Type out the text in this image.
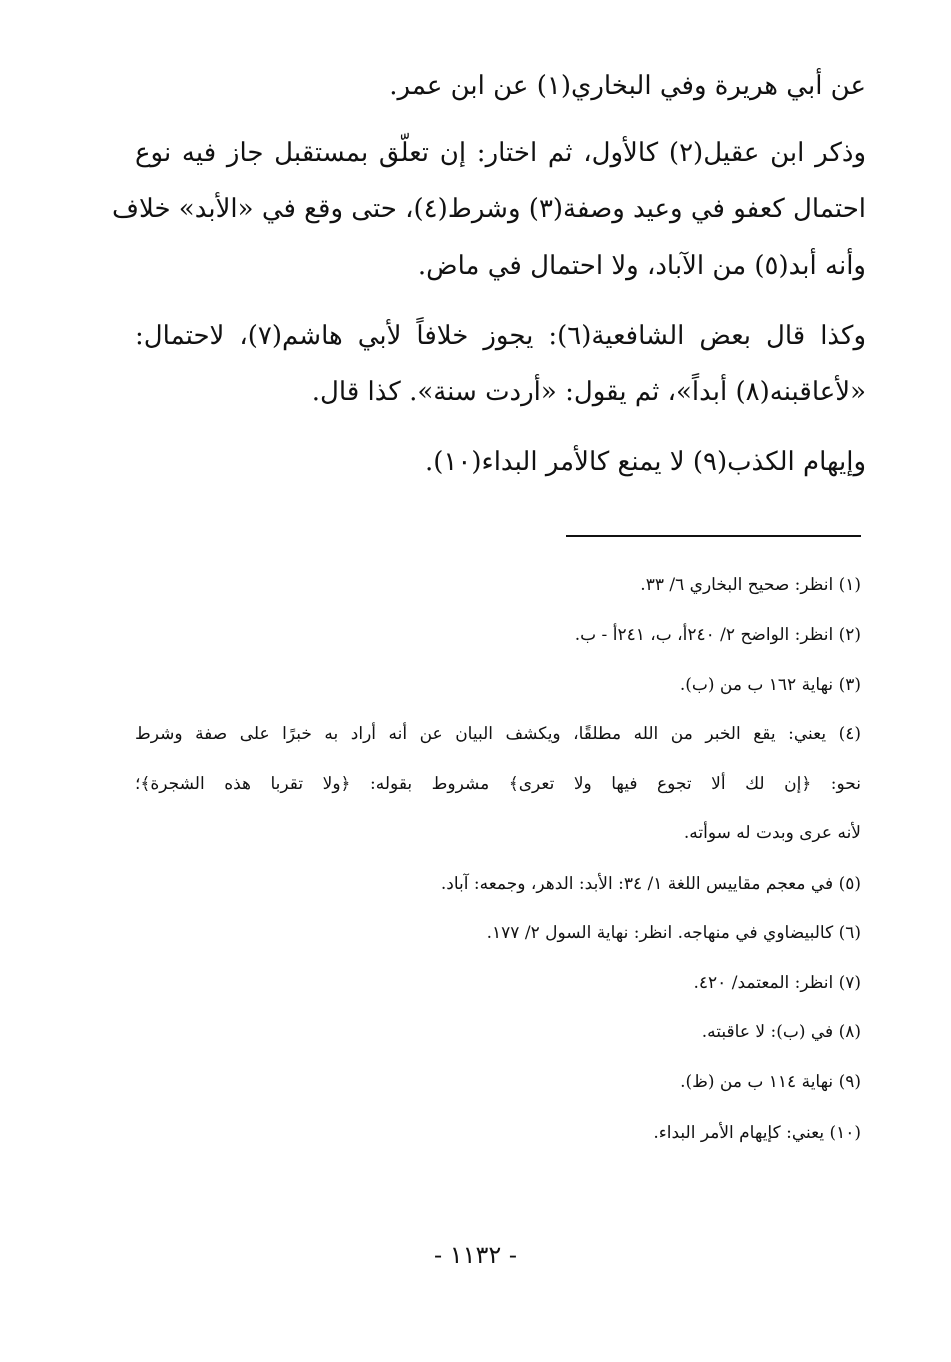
عن أبي هريرة وفي البخاري(١) عن ابن عمر.
وذكر ابن عقيل(٢) كالأول، ثم اختار: إن تعلّق بمستقبل جاز فيه نوع
احتمال كعفو في وعيد وصفة(٣) وشرط(٤)، حتى وقع في «الأبد» خلاف
وأنه أبد(٥) من الآباد، ولا احتمال في ماض.
وكذا قال بعض الشافعية(٦): يجوز خلافاً لأبي هاشم(٧)، لاحتمال:
«لأعاقبنه(٨) أبداً»، ثم يقول: «أردت سنة». كذا قال.
وإيهام الكذب(٩) لا يمنع كالأمر البداء(١٠).
(١) انظر: صحيح البخاري ٦/ ٣٣.
(٢) انظر: الواضح ٢/ ٢٤٠أ، ب، ٢٤١أ - ب.
(٣) نهاية ١٦٢ ب من (ب).
(٤) يعني: يقع الخبر من الله مطلقًا، ويكشف البيان عن أنه أراد به خبرًا على صفة وشرط
نحو: ﴿إن لك ألا تجوع فيها ولا تعرى﴾ مشروط بقوله: ﴿ولا تقربا هذه الشجرة﴾؛
لأنه عرى وبدت له سوأته.
(٥) في معجم مقاييس اللغة ١/ ٣٤: الأبد: الدهر، وجمعه: آباد.
(٦) كالبيضاوي في منهاجه. انظر: نهاية السول ٢/ ١٧٧.
(٧) انظر: المعتمد/ ٤٢٠.
(٨) في (ب): لا عاقبته.
(٩) نهاية ١١٤ ب من (ظ).
(١٠) يعني: كإيهام الأمر البداء.
- ١١٣٢ -
